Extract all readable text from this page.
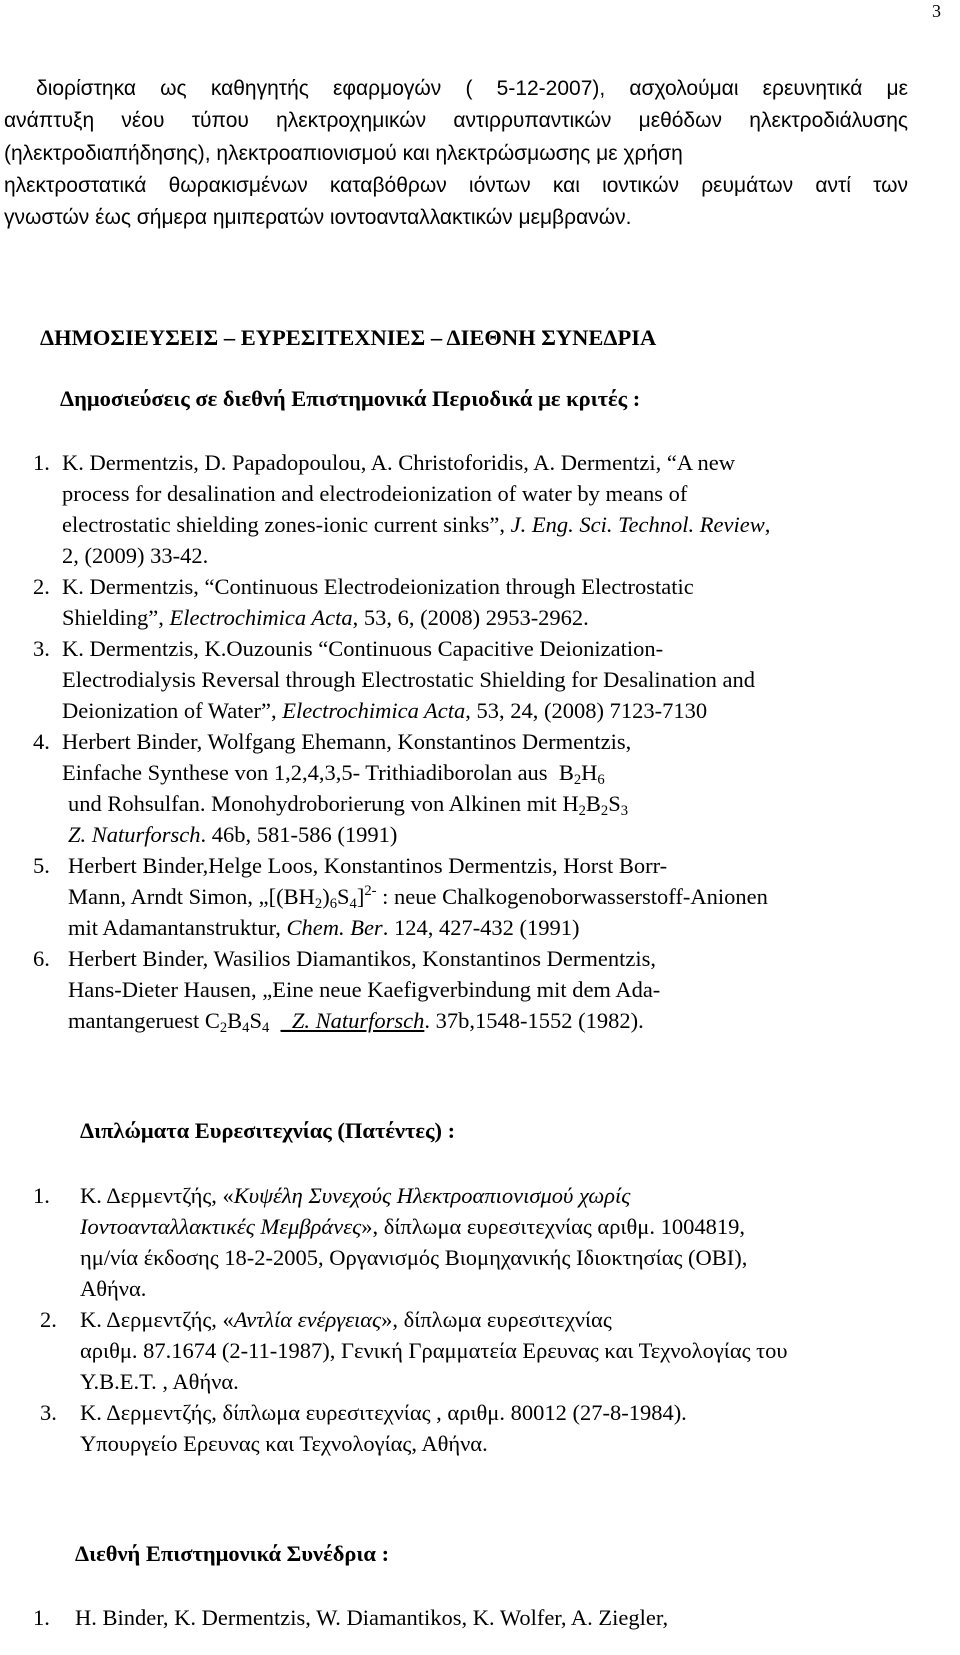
3
διορίστηκα ως καθηγητής εφαρμογών ( 5-12-2007), ασχολούμαι ερευνητικά με
ανάπτυξη νέου τύπου ηλεκτροχημικών αντιρρυπαντικών μεθόδων ηλεκτροδιάλυσης
(ηλεκτροδιαπήδησης), ηλεκτροαπιονισμού και ηλεκτρώσμωσης με χρήση
ηλεκτροστατικά θωρακισμένων καταβόθρων ιόντων και ιοντικών ρευμάτων αντί των
γνωστών έως σήμερα ημιπερατών ιοντοανταλλακτικών μεμβρανών.
ΔΗΜΟΣΙΕΥΣΕΙΣ – ΕΥΡΕΣΙΤΕΧΝΙΕΣ – ΔΙΕΘΝΗ ΣΥΝΕΔΡΙΑ
Δημοσιεύσεις σε διεθνή Επιστημονικά Περιοδικά με κριτές :
1. K. Dermentzis, D. Papadopoulou, A. Christoforidis, A. Dermentzi, “A new
process for desalination and electrodeionization of water by means of
electrostatic shielding zones-ionic current sinks”, J. Eng. Sci. Technol. Review,
2, (2009) 33-42.
2. K. Dermentzis, “Continuous Electrodeionization through Electrostatic
Shielding”, Electrochimica Acta, 53, 6, (2008) 2953-2962.
3. K. Dermentzis, K.Ouzounis “Continuous Capacitive Deionization-
Electrodialysis Reversal through Electrostatic Shielding for Desalination and
Deionization of Water”, Electrochimica Acta, 53, 24, (2008) 7123-7130
4. Herbert Binder, Wolfgang Ehemann, Konstantinos Dermentzis,
Einfache Synthese von 1,2,4,3,5- Trithiadiborolan aus $B_2H_6$
und Rohsulfan. Monohydroborierung von Alkinen mit $H_2B_2S_3$
Z. Naturforsch. 46b, 581-586 (1991)
5. Herbert Binder,Helge Loos, Konstantinos Dermentzis, Horst Borr-
Mann, Arndt Simon, $„[(BH_2)_6S_4]^{2-}$ : neue Chalkogenoborwasserstoff-Anionen
mit Adamantanstruktur, Chem. Ber. 124, 427-432 (1991)
6. Herbert Binder, Wasilios Diamantikos, Konstantinos Dermentzis,
Hans-Dieter Hausen, „Eine neue Kaefigverbindung mit dem Ada-
mantangeruest $C_2B_4S_4$ _Z. Naturforsch. 37b,1548-1552 (1982).
Διπλώματα Ευρεσιτεχνίας (Πατέντες) :
1. Κ. Δερμεντζής, «Κυψέλη Συνεχούς Ηλεκτροαπιονισμού χωρίς
Ιοντοανταλλακτικές Μεμβράνες», δίπλωμα ευρεσιτεχνίας αριθμ. 1004819,
ημ/νία έκδοσης 18-2-2005, Οργανισμός Βιομηχανικής Ιδιοκτησίας (ΟΒΙ),
Αθήνα.
2. Κ. Δερμεντζής, «Αντλία ενέργειας», δίπλωμα ευρεσιτεχνίας
αριθμ. 87.1674 (2-11-1987), Γενική Γραμματεία Ερευνας και Τεχνολογίας του
Υ.Β.Ε.Τ. , Αθήνα.
3. Κ. Δερμεντζής, δίπλωμα ευρεσιτεχνίας , αριθμ. 80012 (27-8-1984).
Υπουργείο Ερευνας και Τεχνολογίας, Αθήνα.
Διεθνή Επιστημονικά Συνέδρια :
1. H. Binder, K. Dermentzis, W. Diamantikos, K. Wolfer, A. Ziegler,
